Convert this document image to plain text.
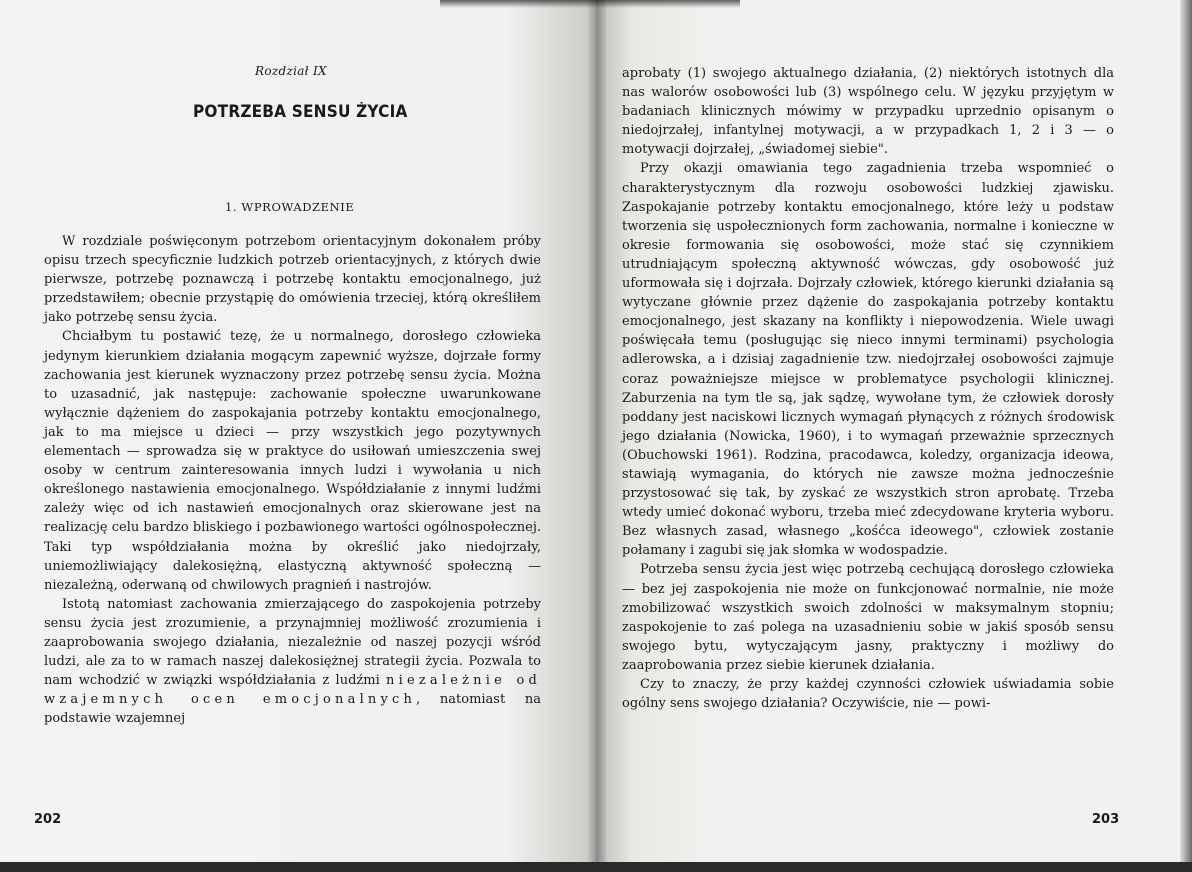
Rozdział IX
POTRZEBA SENSU ŻYCIA
1. WPROWADZENIE

W rozdziale poświęconym potrzebom orientacyjnym dokonałem próby opisu trzech specyficznie ludzkich potrzeb orientacyjnych, z których dwie pierwsze, potrzebę poznawczą i potrzebę kontaktu emocjonalnego, już przedstawiłem; obecnie przystąpię do omówienia trzeciej, którą określiłem jako potrzebę sensu życia.

Chciałbym tu postawić tezę, że u normalnego, dorosłego człowieka jedynym kierunkiem działania mogącym zapewnić wyższe, dojrzałe formy zachowania jest kierunek wyznaczony przez potrzebę sensu życia. Można to uzasadnić, jak następuje: zachowanie społeczne uwarunkowane wyłącznie dążeniem do zaspokajania potrzeby kontaktu emocjonalnego, jak to ma miejsce u dzieci — przy wszystkich jego pozytywnych elementach — sprowadza się w praktyce do usiłowań umieszczenia swej osoby w centrum zainteresowania innych ludzi i wywołania u nich określonego nastawienia emocjonalnego. Współdziałanie z innymi ludźmi zależy więc od ich nastawień emocjonalnych oraz skierowane jest na realizację celu bardzo bliskiego i pozbawionego wartości ogólnospołecznej. Taki typ współdziałania można by określić jako niedojrzały, uniemożliwiający dalekosiężną, elastyczną aktywność społeczną — niezależną, oderwaną od chwilowych pragnień i nastrojów.

Istotą natomiast zachowania zmierzającego do zaspokojenia potrzeby sensu życia jest zrozumienie, a przynajmniej możliwość zrozumienia i zaaprobowania swojego działania, niezależnie od naszej pozycji wśród ludzi, ale za to w ramach naszej dalekosiężnej strategii życia. Pozwala to nam wchodzić w związki współdziałania z ludźmi niezależnie od wzajemnych ocen emocjonalnych, natomiast na podstawie wzajemnej

202

aprobaty (1) swojego aktualnego działania, (2) niektórych istotnych dla nas walorów osobowości lub (3) wspólnego celu. W języku przyjętym w badaniach klinicznych mówimy w przypadku uprzednio opisanym o niedojrzałej, infantylnej motywacji, a w przypadkach 1, 2 i 3 — o motywacji dojrzałej, „świadomej siebie".

Przy okazji omawiania tego zagadnienia trzeba wspomnieć o charakterystycznym dla rozwoju osobowości ludzkiej zjawisku. Zaspokajanie potrzeby kontaktu emocjonalnego, które leży u podstaw tworzenia się uspołecznionych form zachowania, normalne i konieczne w okresie formowania się osobowości, może stać się czynnikiem utrudniającym społeczną aktywność wówczas, gdy osobowość już uformowała się i dojrzała. Dojrzały człowiek, którego kierunki działania są wytyczane głównie przez dążenie do zaspokajania potrzeby kontaktu emocjonalnego, jest skazany na konflikty i niepowodzenia. Wiele uwagi poświęcała temu (posługując się nieco innymi terminami) psychologia adlerowska, a i dzisiaj zagadnienie tzw. niedojrzałej osobowości zajmuje coraz poważniejsze miejsce w problematyce psychologii klinicznej. Zaburzenia na tym tle są, jak sądzę, wywołane tym, że człowiek dorosły poddany jest naciskowi licznych wymagań płynących z różnych środowisk jego działania (Nowicka, 1960), i to wymagań przeważnie sprzecznych (Obuchowski 1961). Rodzina, pracodawca, koledzy, organizacja ideowa, stawiają wymagania, do których nie zawsze można jednocześnie przystosować się tak, by zyskać ze wszystkich stron aprobatę. Trzeba wtedy umieć dokonać wyboru, trzeba mieć zdecydowane kryteria wyboru. Bez własnych zasad, własnego „kośćca ideowego", człowiek zostanie połamany i zagubi się jak słomka w wodospadzie.

Potrzeba sensu życia jest więc potrzebą cechującą dorosłego człowieka — bez jej zaspokojenia nie może on funkcjonować normalnie, nie może zmobilizować wszystkich swoich zdolności w maksymalnym stopniu; zaspokojenie to zaś polega na uzasadnieniu sobie w jakiś sposób sensu swojego bytu, wytyczającym jasny, praktyczny i możliwy do zaaprobowania przez siebie kierunek działania.

Czy to znaczy, że przy każdej czynności człowiek uświadamia sobie ogólny sens swojego działania? Oczywiście, nie — powi-

203
